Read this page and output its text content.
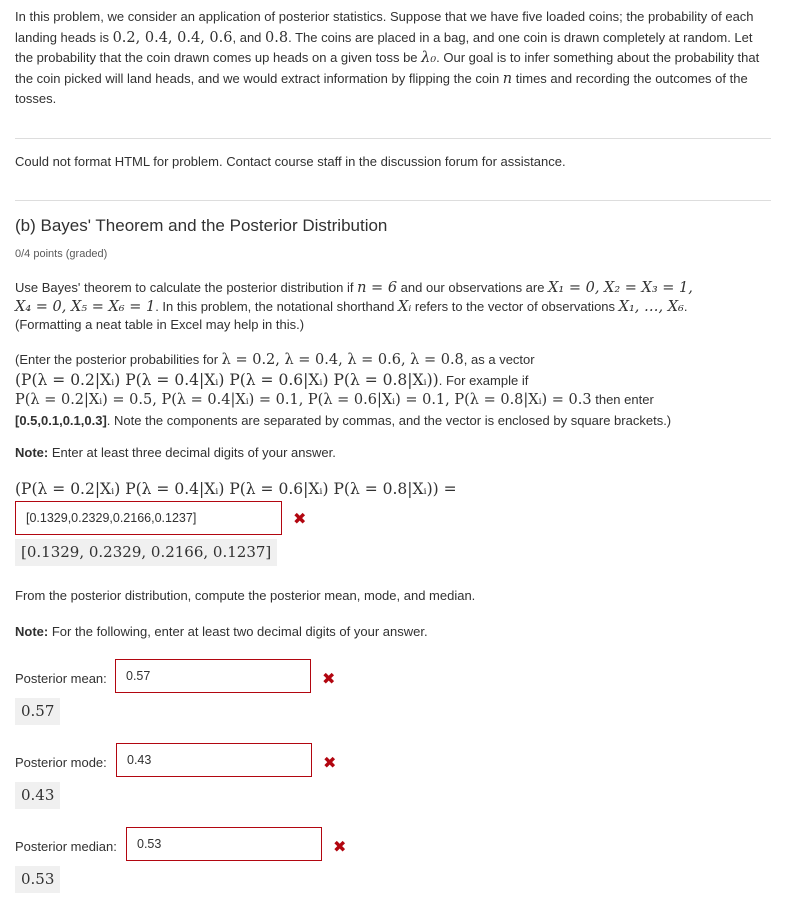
In this problem, we consider an application of posterior statistics. Suppose that we have five loaded coins; the probability of each landing heads is 0.2, 0.4, 0.4, 0.6, and 0.8. The coins are placed in a bag, and one coin is drawn completely at random. Let the probability that the coin drawn comes up heads on a given toss be λ₀. Our goal is to infer something about the probability that the coin picked will land heads, and we would extract information by flipping the coin n times and recording the outcomes of the tosses.
Could not format HTML for problem. Contact course staff in the discussion forum for assistance.
(b) Bayes' Theorem and the Posterior Distribution
0/4 points (graded)
Use Bayes' theorem to calculate the posterior distribution if n = 6 and our observations are X₁ = 0, X₂ = X₃ = 1,
X₄ = 0, X₅ = X₆ = 1. In this problem, the notational shorthand Xᵢ refers to the vector of observations X₁, …, X₆.
(Formatting a neat table in Excel may help in this.)
(Enter the posterior probabilities for λ = 0.2, λ = 0.4, λ = 0.6, λ = 0.8, as a vector
(P(λ = 0.2|Xᵢ) P(λ = 0.4|Xᵢ) P(λ = 0.6|Xᵢ) P(λ = 0.8|Xᵢ)). For example if
P(λ = 0.2|Xᵢ) = 0.5, P(λ = 0.4|Xᵢ) = 0.1, P(λ = 0.6|Xᵢ) = 0.1, P(λ = 0.8|Xᵢ) = 0.3 then enter
[0.5,0.1,0.1,0.3]. Note the components are separated by commas, and the vector is enclosed by square brackets.)
Note: Enter at least three decimal digits of your answer.
(P(λ = 0.2|Xᵢ) P(λ = 0.4|Xᵢ) P(λ = 0.6|Xᵢ) P(λ = 0.8|Xᵢ)) =
[0.1329,0.2329,0.2166,0.1237]	✖
[0.1329, 0.2329, 0.2166, 0.1237]
From the posterior distribution, compute the posterior mean, mode, and median.
Note: For the following, enter at least two decimal digits of your answer.
Posterior mean:	0.57	✖
0.57
Posterior mode:	0.43	✖
0.43
Posterior median:	0.53	✖
0.53
